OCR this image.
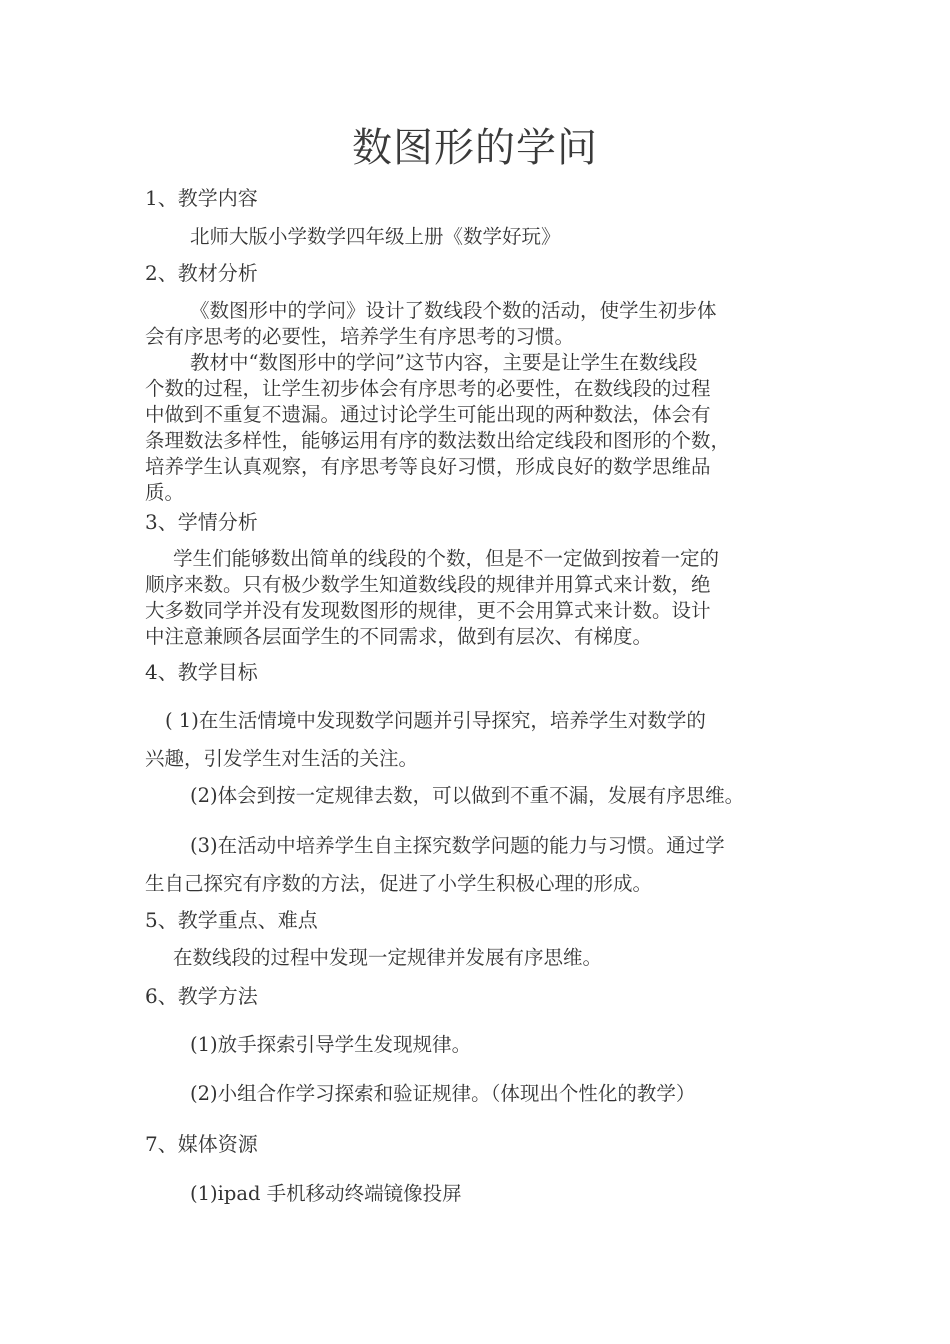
数图形的学问
1、教学内容
北师大版小学数学四年级上册《数学好玩》
2、教材分析
《数图形中的学问》设计了数线段个数的活动，使学生初步体
会有序思考的必要性，培养学生有序思考的习惯。
教材中“数图形中的学问”这节内容，主要是让学生在数线段
个数的过程，让学生初步体会有序思考的必要性，在数线段的过程
中做到不重复不遗漏。通过讨论学生可能出现的两种数法，体会有
条理数法多样性，能够运用有序的数法数出给定线段和图形的个数，
培养学生认真观察，有序思考等良好习惯，形成良好的数学思维品
质。
3、学情分析
学生们能够数出简单的线段的个数，但是不一定做到按着一定的
顺序来数。只有极少数学生知道数线段的规律并用算式来计数，绝
大多数同学并没有发现数图形的规律，更不会用算式来计数。设计
中注意兼顾各层面学生的不同需求，做到有层次、有梯度。
4、教学目标
( 1)在生活情境中发现数学问题并引导探究，培养学生对数学的
兴趣，引发学生对生活的关注。
(2)体会到按一定规律去数，可以做到不重不漏，发展有序思维。
(3)在活动中培养学生自主探究数学问题的能力与习惯。通过学
生自己探究有序数的方法，促进了小学生积极心理的形成。
5、教学重点、难点
在数线段的过程中发现一定规律并发展有序思维。
6、教学方法
(1)放手探索引导学生发现规律。
(2)小组合作学习探索和验证规律。（体现出个性化的教学）
7、媒体资源
(1)ipad 手机移动终端镜像投屏
